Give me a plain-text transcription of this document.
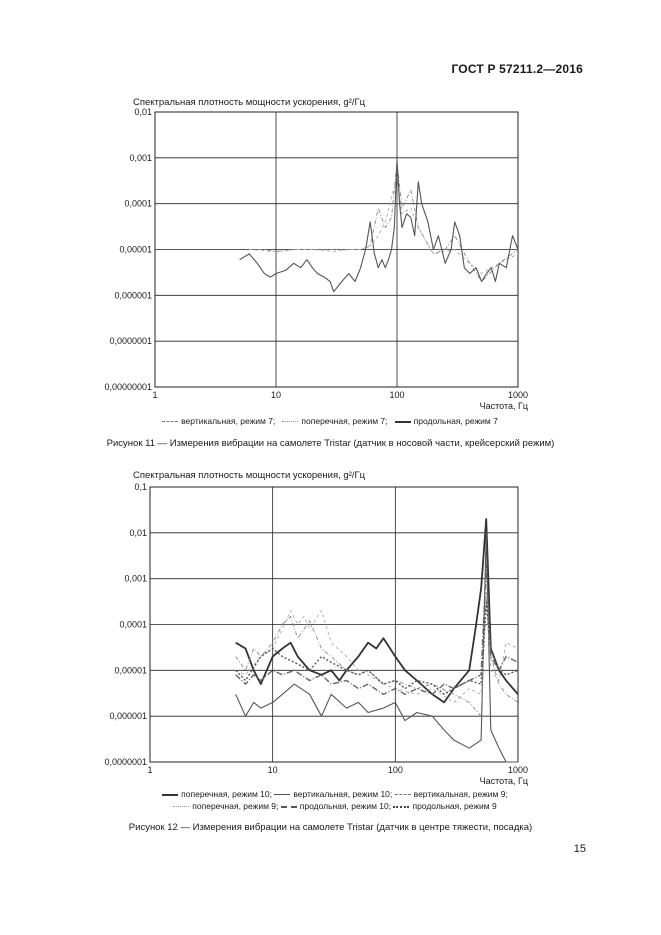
ГОСТ Р 57211.2—2016
Спектральная плотность мощности ускорения, g²/Гц
0,00000001
0,0000001
0,000001
0,00001
0,0001
0,001
0,01
1	10	100	1000
Частота, Гц
0,0000001
0,000001
0,00001
0,0001
0,001
0,01
0,1
1	10	100	1000
Частота, Гц
вертикальная, режим 7;	поперечная, режим 7;	продольная, режим 7
Рисунок 11 — Измерения вибрации на самолете Tristar (датчик в носовой части, крейсерский режим)
Спектральная плотность мощности ускорения, g²/Гц
поперечная, режим 10;	вертикальная, режим 10;	вертикальная, режим 9;
поперечная, режим 9;	продольная, режим 10;	продольная, режим 9
Рисунок 12 — Измерения вибрации на самолете Tristar (датчик в центре тяжести, посадка)
15
